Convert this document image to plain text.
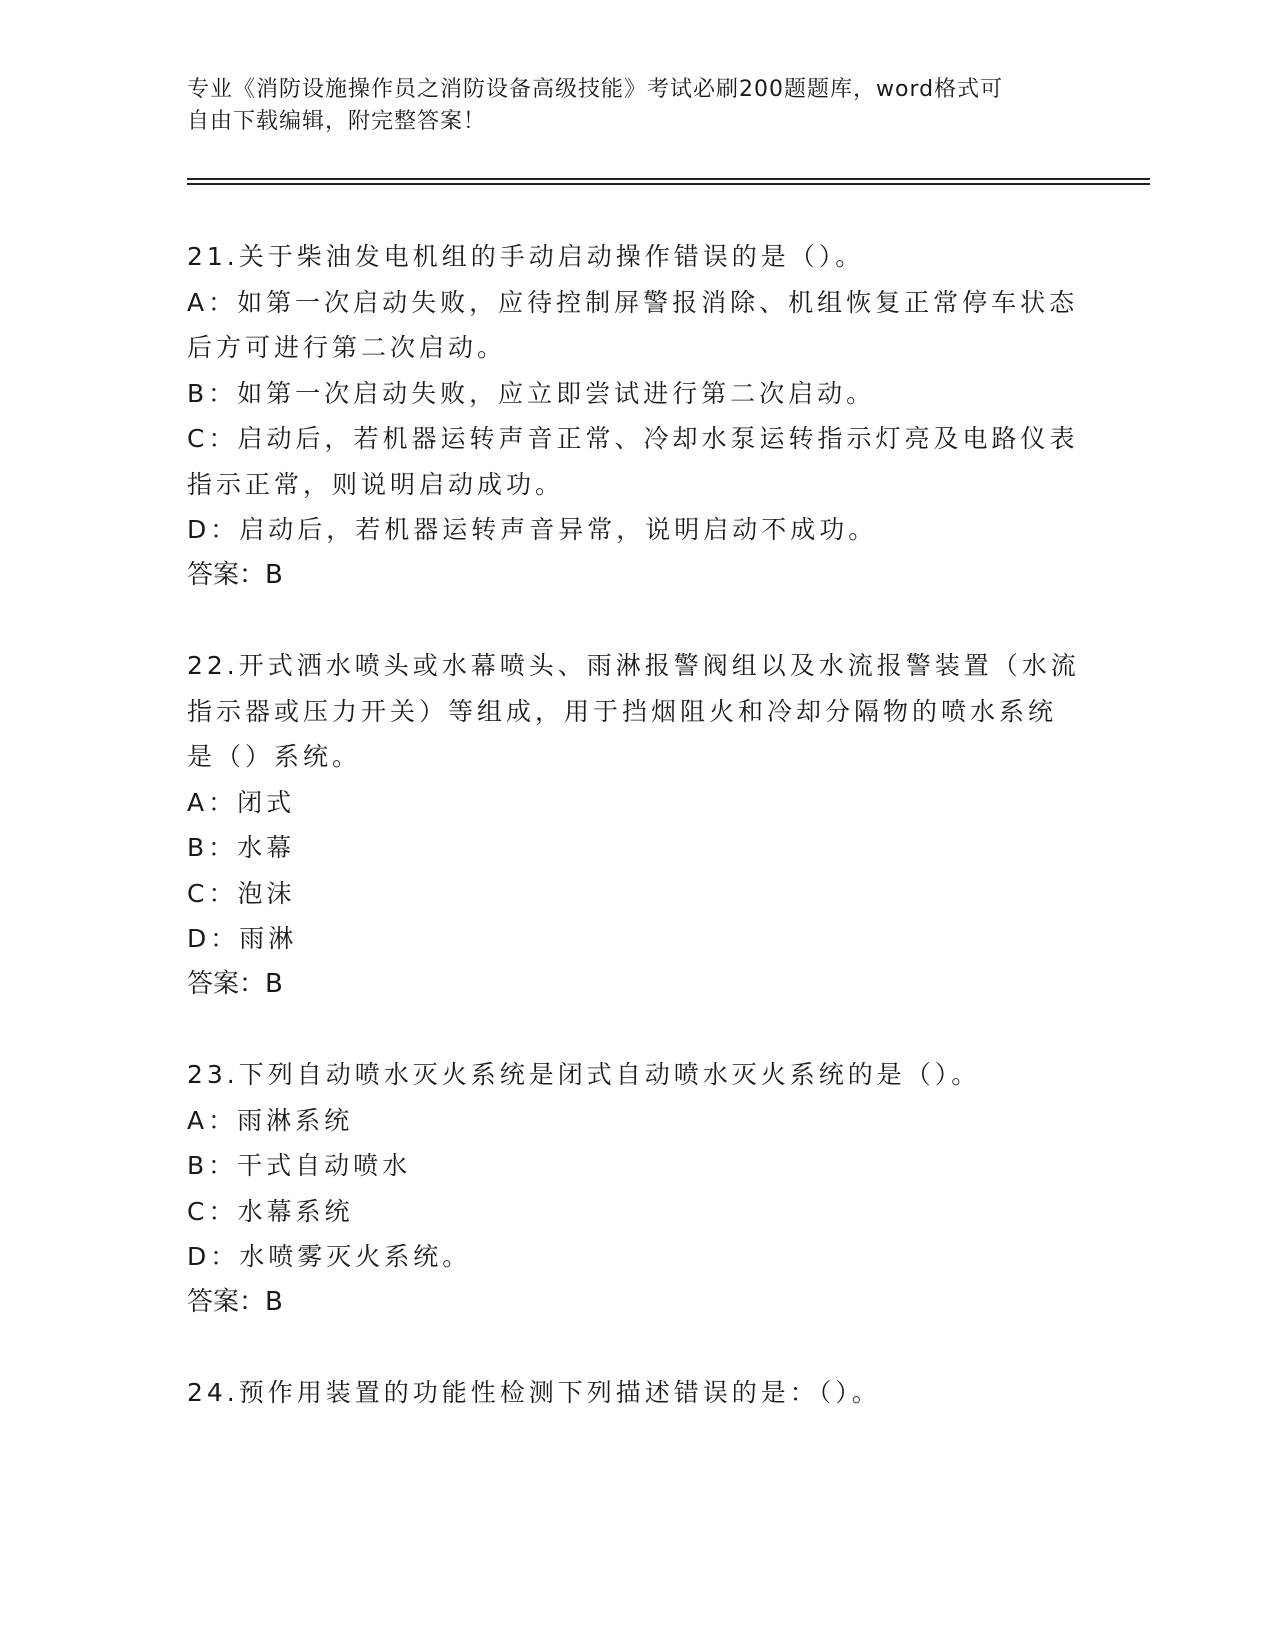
专业《消防设施操作员之消防设备高级技能》考试必刷200题题库，word格式可
自由下载编辑，附完整答案！

21.关于柴油发电机组的手动启动操作错误的是（）。

A：如第一次启动失败，应待控制屏警报消除、机组恢复正常停车状态

后方可进行第二次启动。

B：如第一次启动失败，应立即尝试进行第二次启动。

C：启动后，若机器运转声音正常、冷却水泵运转指示灯亮及电路仪表

指示正常，则说明启动成功。

D：启动后，若机器运转声音异常，说明启动不成功。

答案：B

22.开式洒水喷头或水幕喷头、雨淋报警阀组以及水流报警装置（水流

指示器或压力开关）等组成，用于挡烟阻火和冷却分隔物的喷水系统

是（）系统。

A：闭式

B：水幕

C：泡沫

D：雨淋

答案：B

23.下列自动喷水灭火系统是闭式自动喷水灭火系统的是（）。

A：雨淋系统

B：干式自动喷水

C：水幕系统

D：水喷雾灭火系统。

答案：B

24.预作用装置的功能性检测下列描述错误的是：（）。
